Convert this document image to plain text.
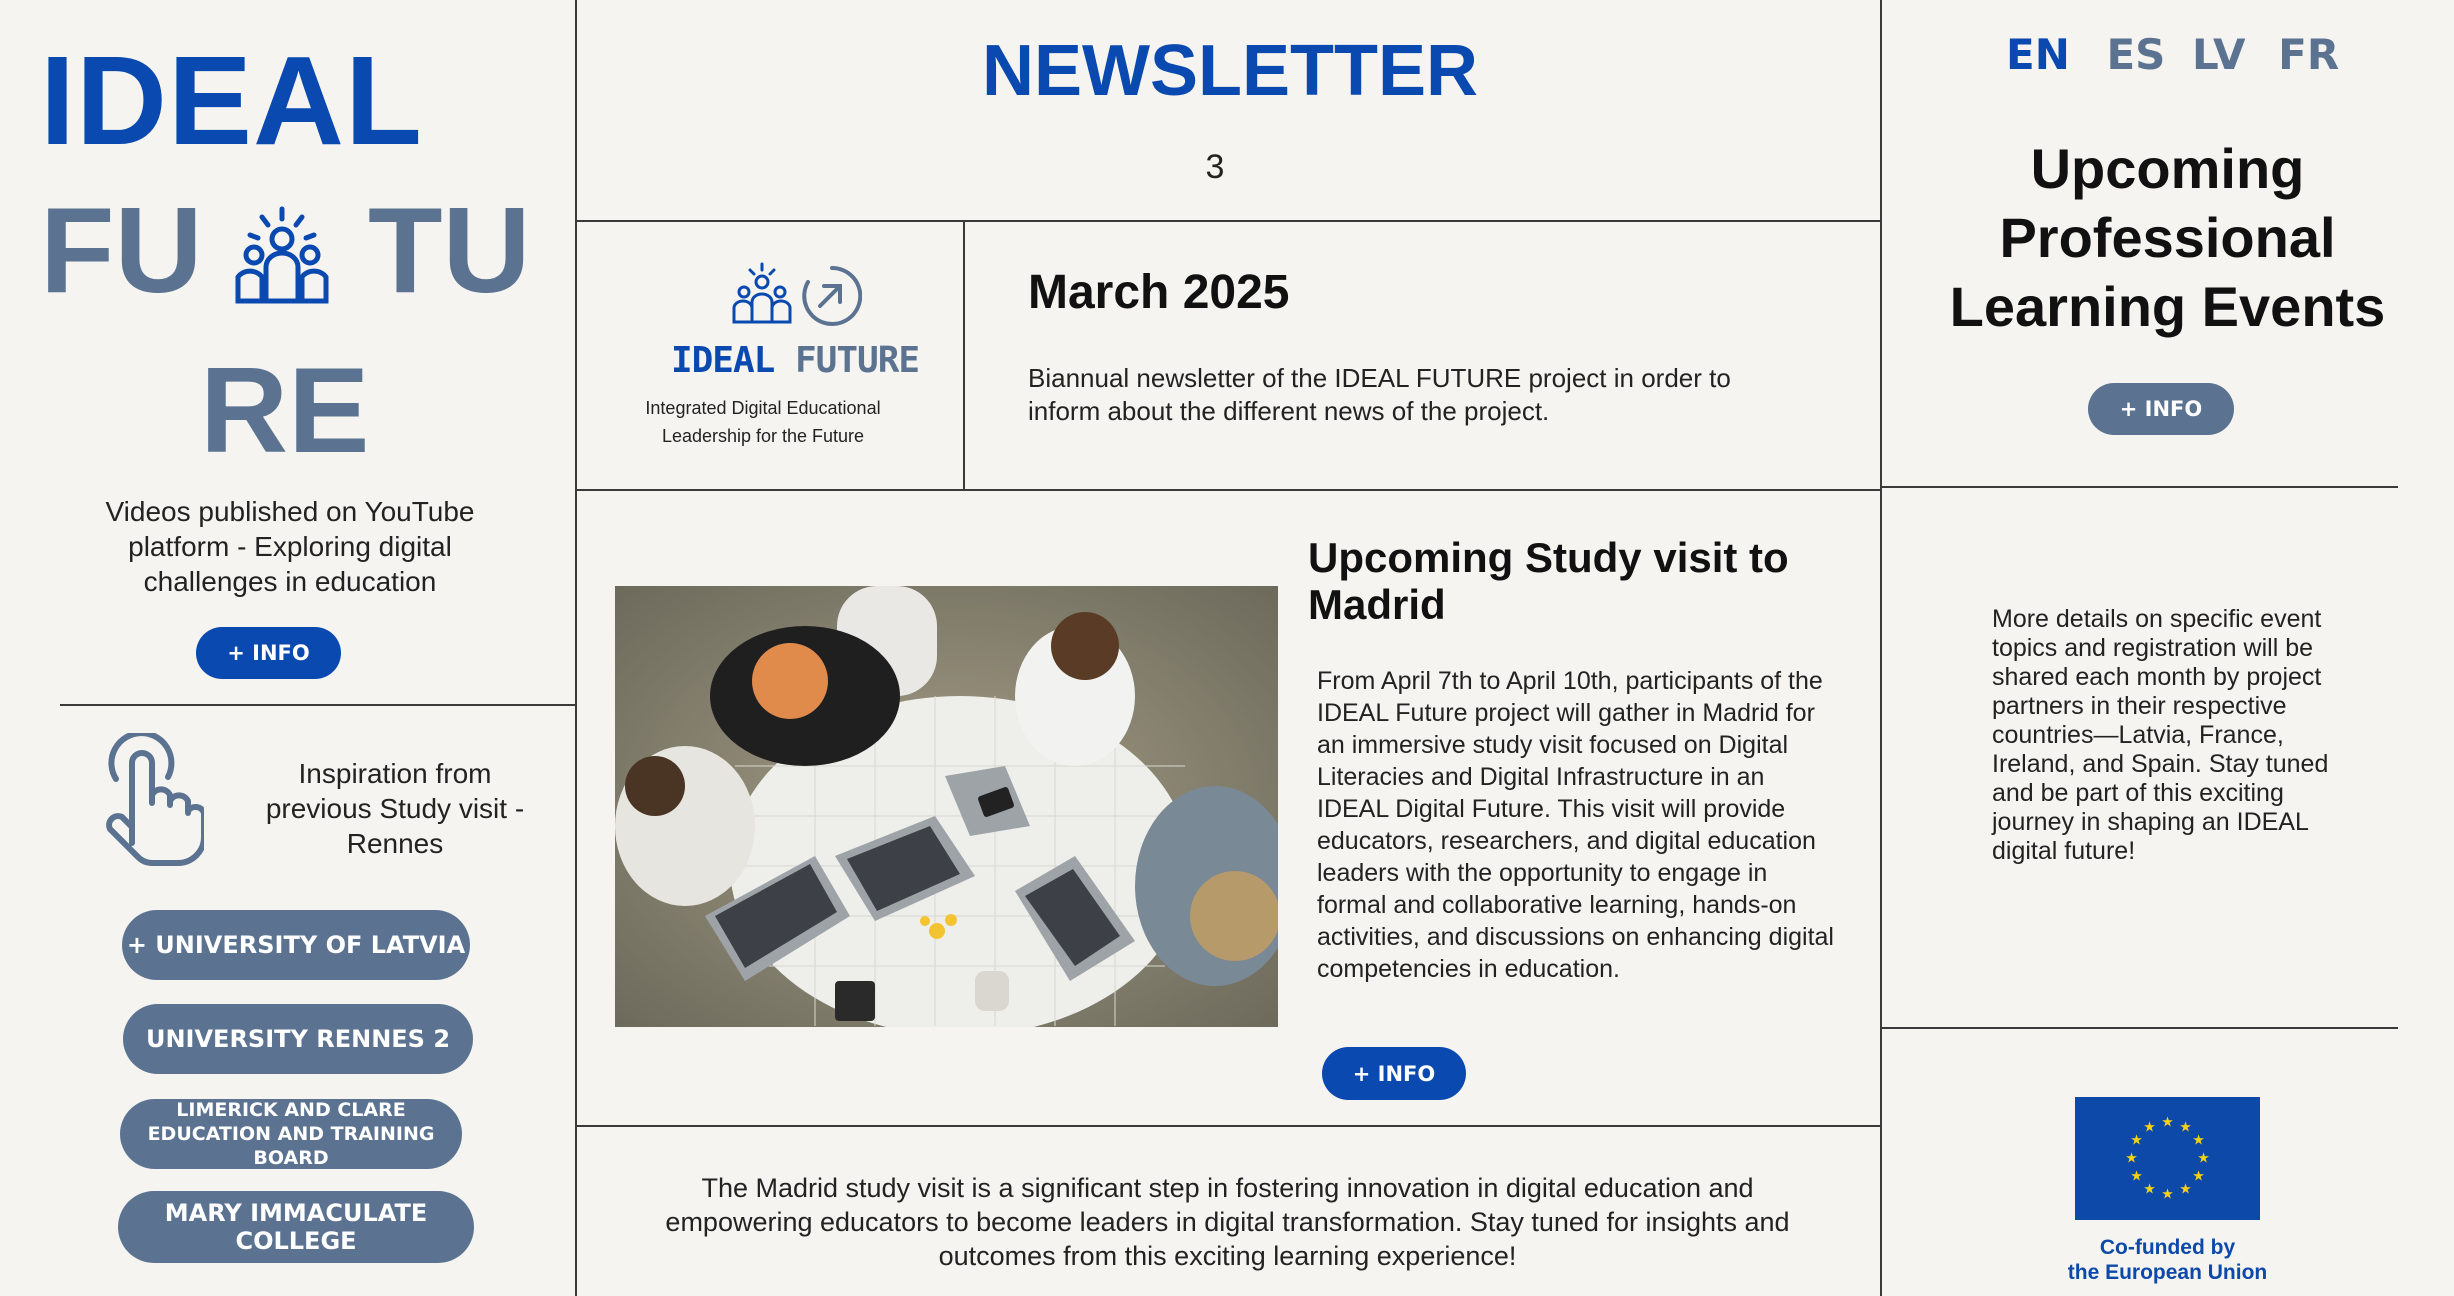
IDEAL
FU TU
RE
Videos published on YouTube platform - Exploring digital challenges in education
+ INFO
Inspiration from previous Study visit - Rennes
+ UNIVERSITY OF LATVIA
UNIVERSITY RENNES 2
LIMERICK AND CLARE EDUCATION AND TRAINING BOARD
MARY IMMACULATE COLLEGE
NEWSLETTER
3
IDEAL FUTURE
Integrated Digital Educational
Leadership for the Future
March 2025
Biannual newsletter of the IDEAL FUTURE project in order to inform about the different news of the project.
Upcoming Study visit to Madrid
From April 7th to April 10th, participants of the IDEAL Future project will gather in Madrid for an immersive study visit focused on Digital Literacies and Digital Infrastructure in an IDEAL Digital Future. This visit will provide educators, researchers, and digital education leaders with the opportunity to engage in formal and collaborative learning, hands-on activities, and discussions on enhancing digital competencies in education.
+ INFO
The Madrid study visit is a significant step in fostering innovation in digital education and empowering educators to become leaders in digital transformation. Stay tuned for insights and outcomes from this exciting learning experience!
EN ES LV FR
Upcoming Professional Learning Events
+ INFO
More details on specific event topics and registration will be shared each month by project partners in their respective countries—Latvia, France, Ireland, and Spain. Stay tuned and be part of this exciting journey in shaping an IDEAL digital future!
★ ★
★
★
★
★
★
★
★
★
★
★
Co-funded by
the European Union
